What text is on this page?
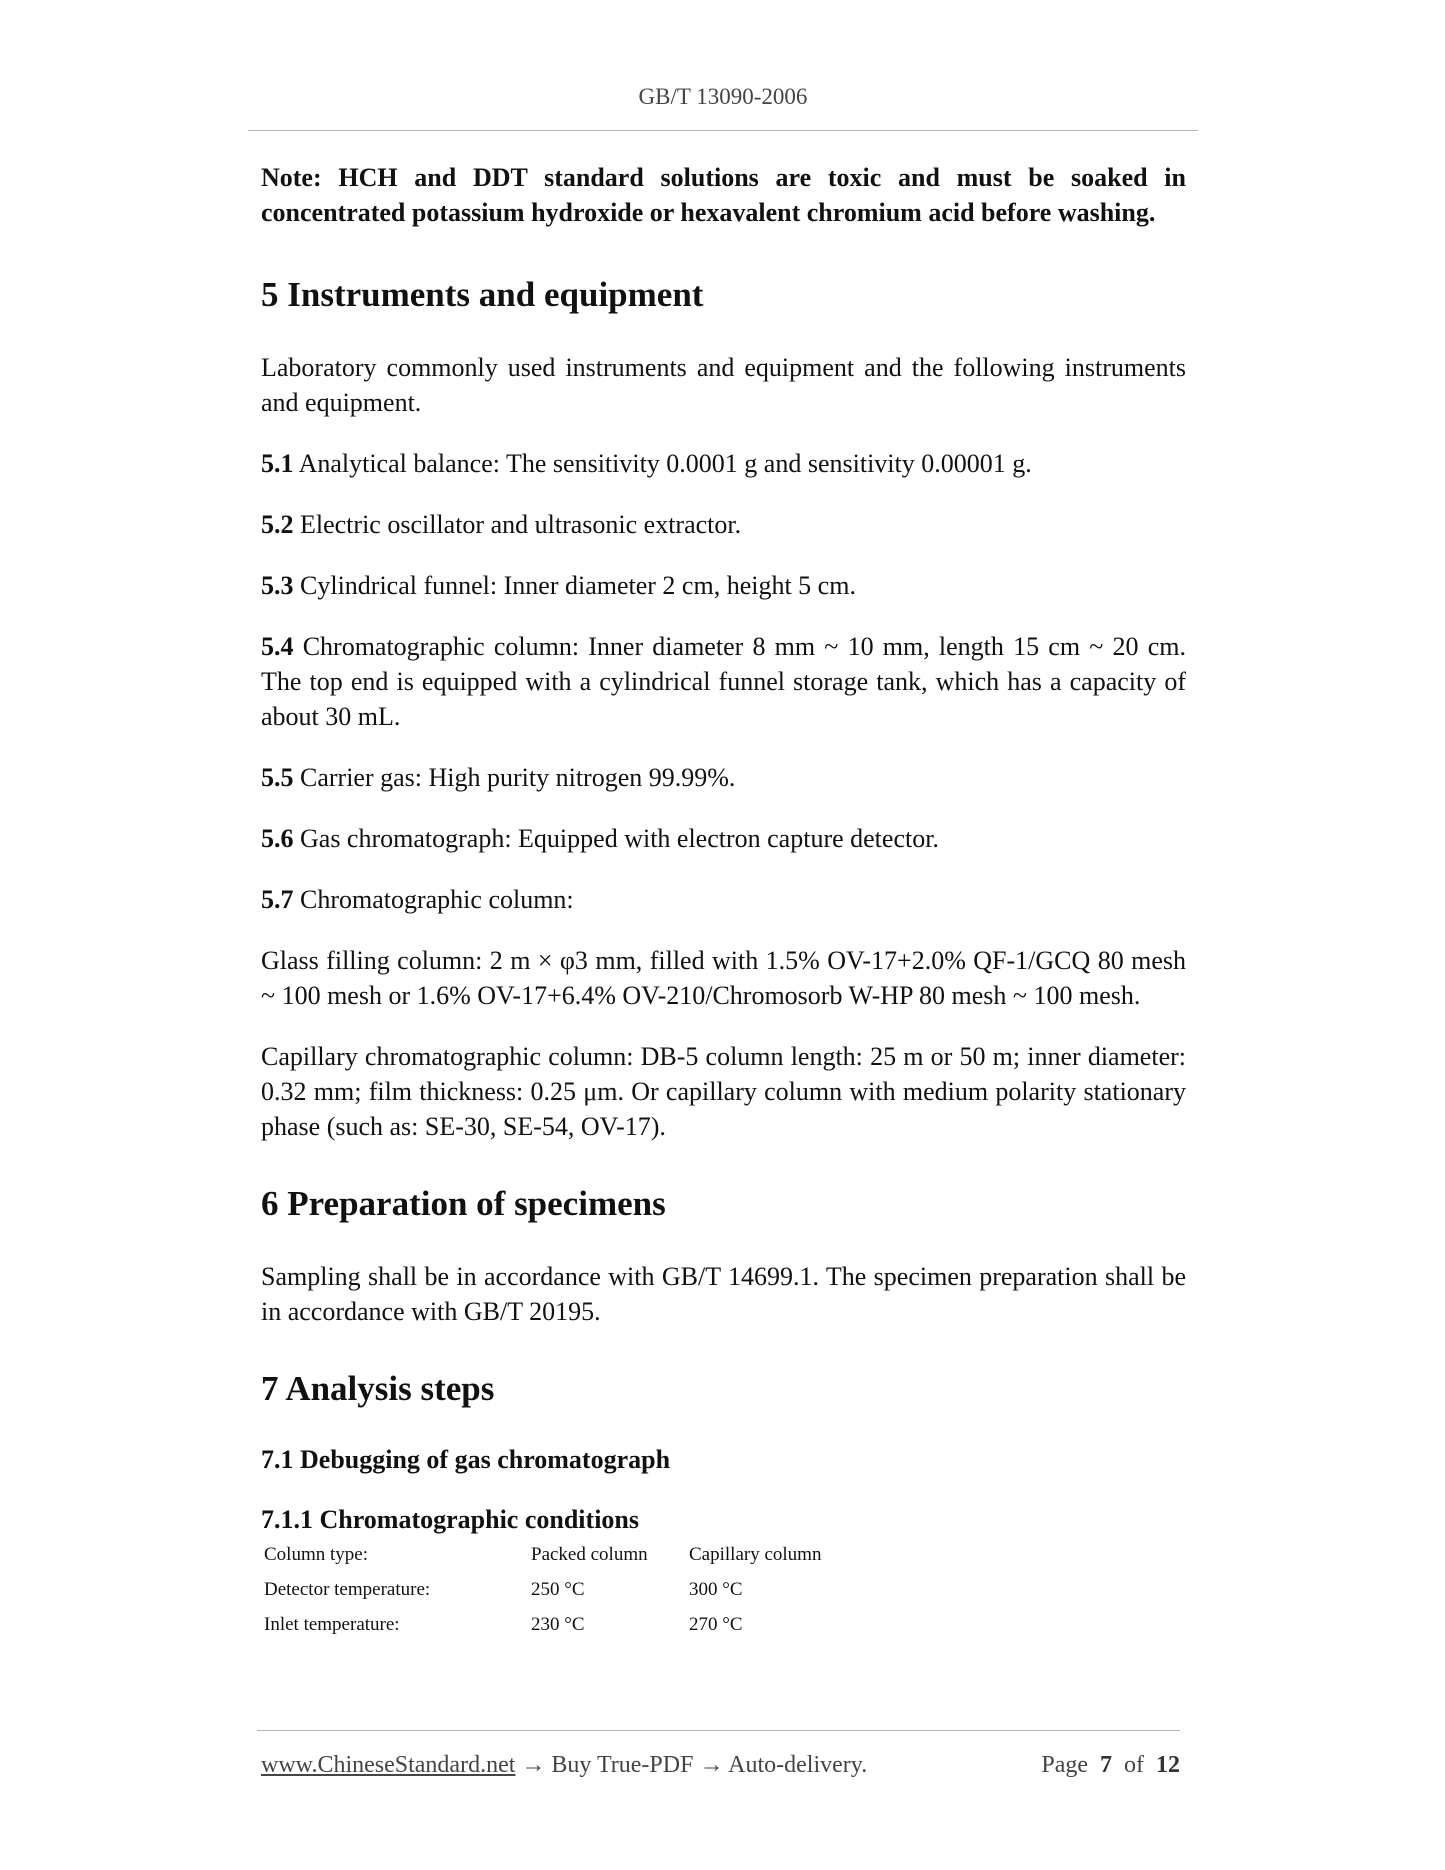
GB/T 13090-2006

Note: HCH and DDT standard solutions are toxic and must be soaked in concentrated potassium hydroxide or hexavalent chromium acid before washing.

5 Instruments and equipment

Laboratory commonly used instruments and equipment and the following instruments and equipment.

5.1 Analytical balance: The sensitivity 0.0001 g and sensitivity 0.00001 g.

5.2 Electric oscillator and ultrasonic extractor.

5.3 Cylindrical funnel: Inner diameter 2 cm, height 5 cm.

5.4 Chromatographic column: Inner diameter 8 mm ~ 10 mm, length 15 cm ~ 20 cm. The top end is equipped with a cylindrical funnel storage tank, which has a capacity of about 30 mL.

5.5 Carrier gas: High purity nitrogen 99.99%.

5.6 Gas chromatograph: Equipped with electron capture detector.

5.7 Chromatographic column:

Glass filling column: 2 m × φ3 mm, filled with 1.5% OV-17+2.0% QF-1/GCQ 80 mesh ~ 100 mesh or 1.6% OV-17+6.4% OV-210/Chromosorb W-HP 80 mesh ~ 100 mesh.

Capillary chromatographic column: DB-5 column length: 25 m or 50 m; inner diameter: 0.32 mm; film thickness: 0.25 μm. Or capillary column with medium polarity stationary phase (such as: SE-30, SE-54, OV-17).

6 Preparation of specimens

Sampling shall be in accordance with GB/T 14699.1. The specimen preparation shall be in accordance with GB/T 20195.

7 Analysis steps
7.1 Debugging of gas chromatograph
7.1.1 Chromatographic conditions
Column type:	Packed column	Capillary column
Detector temperature:	250 °C	300 °C
Inlet temperature:	230 °C	270 °C
www.ChineseStandard.net → Buy True-PDF → Auto-delivery.	Page 7 of 12
